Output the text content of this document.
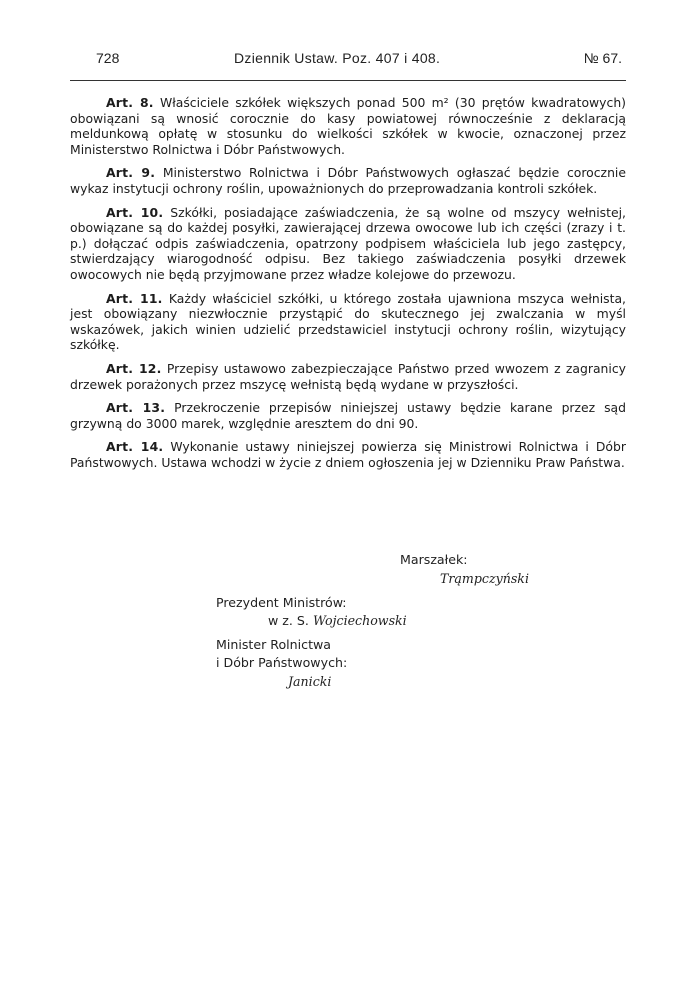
728	Dziennik Ustaw. Poz. 407 i 408.	№ 67.

Art. 8. Właściciele szkółek większych ponad 500 m² (30 prętów kwadratowych) obowiązani są wnosić corocznie do kasy powiatowej równocześnie z deklaracją meldunkową opłatę w stosunku do wielkości szkółek w kwocie, oznaczonej przez Ministerstwo Rolnictwa i Dóbr Państwowych.

Art. 9. Ministerstwo Rolnictwa i Dóbr Państwowych ogłaszać będzie corocznie wykaz instytucji ochrony roślin, upoważnionych do przeprowadzania kontroli szkółek.

Art. 10. Szkółki, posiadające zaświadczenia, że są wolne od mszycy wełnistej, obowiązane są do każdej posyłki, zawierającej drzewa owocowe lub ich części (zrazy i t. p.) dołączać odpis zaświadczenia, opatrzony podpisem właściciela lub jego zastępcy, stwierdzający wiarogodność odpisu. Bez takiego zaświadczenia posyłki drzewek owocowych nie będą przyjmowane przez władze kolejowe do przewozu.

Art. 11. Każdy właściciel szkółki, u którego została ujawniona mszyca wełnista, jest obowiązany niezwłocznie przystąpić do skutecznego jej zwalczania w myśl wskazówek, jakich winien udzielić przedstawiciel instytucji ochrony roślin, wizytujący szkółkę.

Art. 12. Przepisy ustawowo zabezpieczające Państwo przed wwozem z zagranicy drzewek porażonych przez mszycę wełnistą będą wydane w przyszłości.

Art. 13. Przekroczenie przepisów niniejszej ustawy będzie karane przez sąd grzywną do 3000 marek, względnie aresztem do dni 90.

Art. 14. Wykonanie ustawy niniejszej powierza się Ministrowi Rolnictwa i Dóbr Państwowych. Ustawa wchodzi w życie z dniem ogłoszenia jej w Dzienniku Praw Państwa.

Marszałek:
Trąmpczyński
Prezydent Ministrów:
w z. S. Wojciechowski
Minister Rolnictwa
i Dóbr Państwowych:
Janicki
